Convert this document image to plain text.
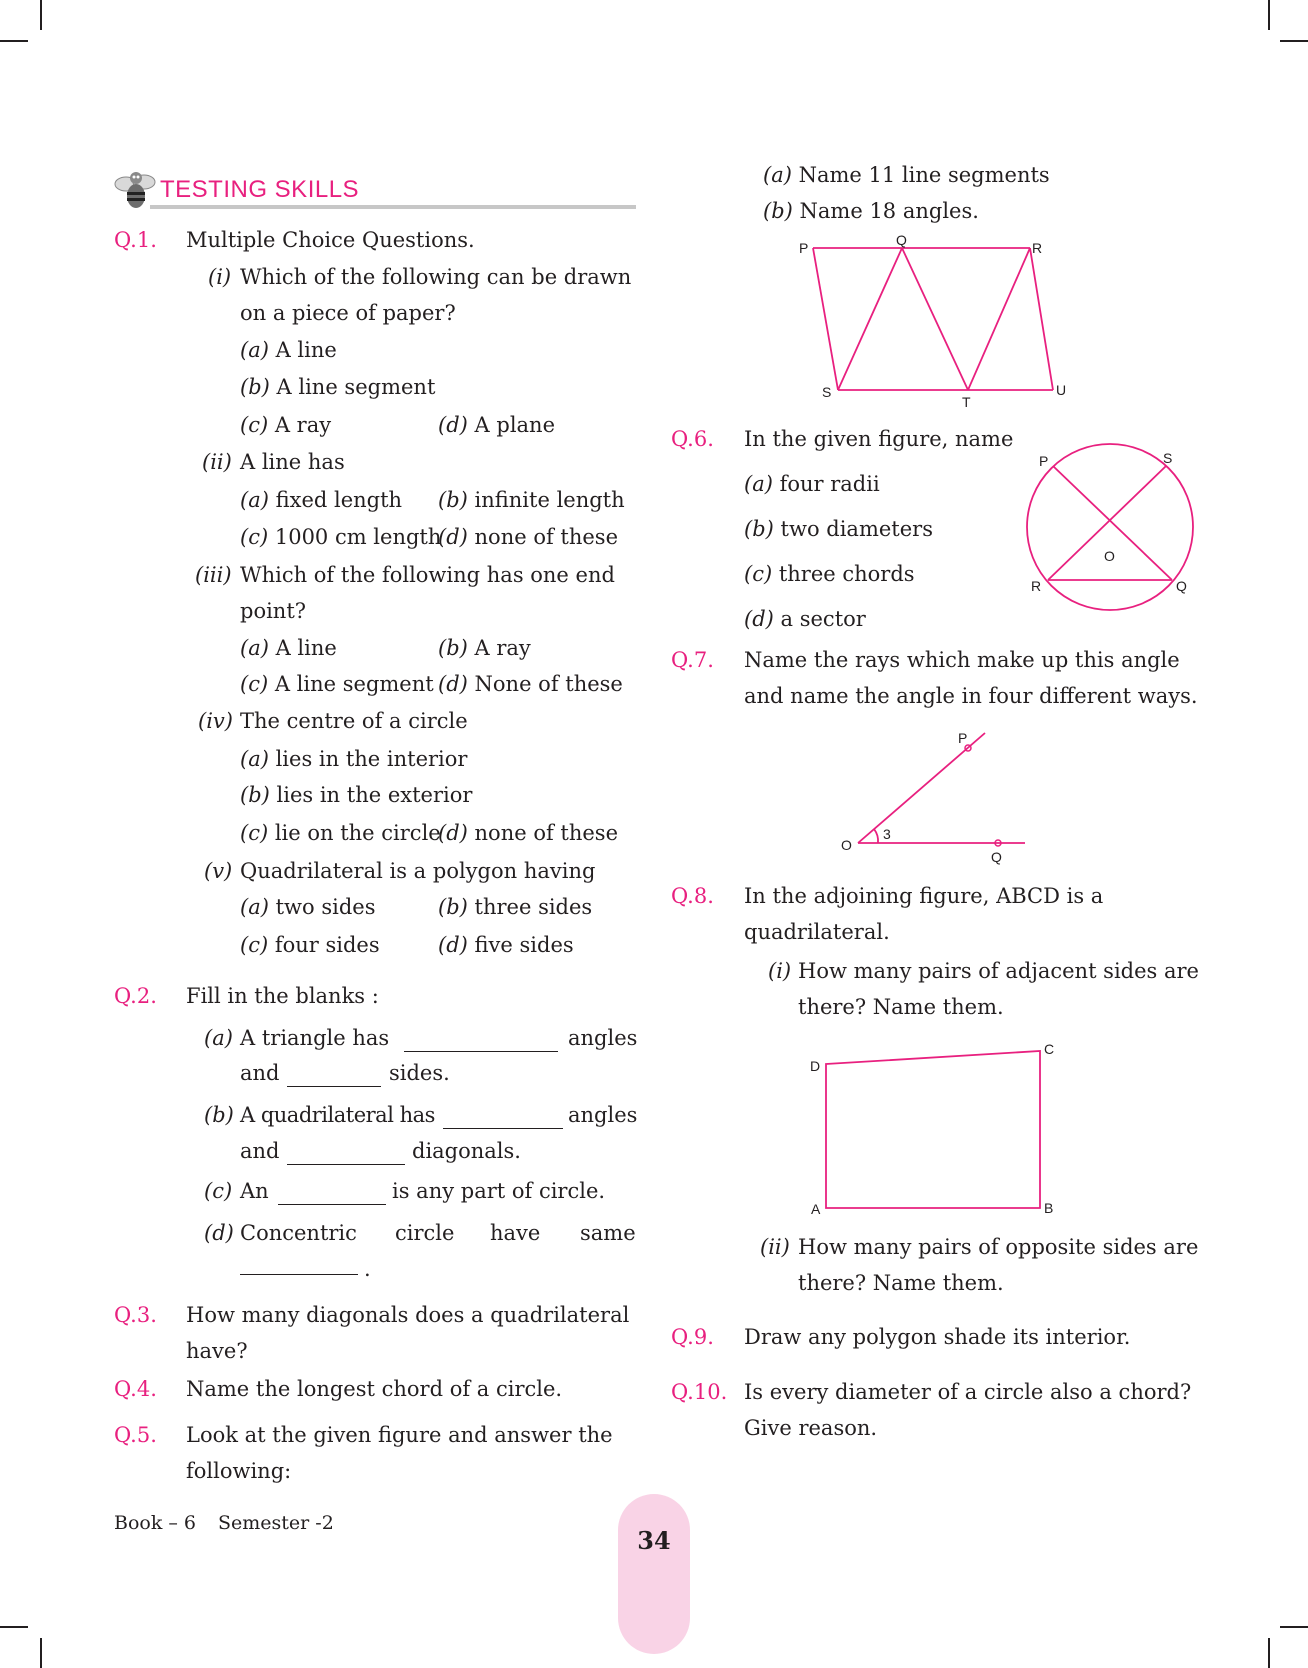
TESTING SKILLS
Q.1. Multiple Choice Questions.
(i) Which of the following can be drawn
on a piece of paper?
(a) A line
(b) A line segment
(c) A ray	(d) A plane
(ii) A line has
(a) fixed length (b) infinite length
(c) 1000 cm length
(d) none of these
(iii) Which of the following has one end
point?
(a) A line	(b) A ray
(c) A line segment (d) None of these
(iv) The centre of a circle
(a) lies in the interior
(b) lies in the exterior
(c) lie on the circle
(d) none of these
(v) Quadrilateral is a polygon having
(a) two sides	(b) three sides
(c) four sides	(d) five sides
Q.2. Fill in the blanks :
(a) A triangle has	angles
and	sides.
(b) A quadrilateral has	angles
and	diagonals.
(c) An	is any part of circle.
(d) Concentric circle have same
.
Q.3. How many diagonals does a quadrilateral
have?
Q.4. Name the longest chord of a circle.
Q.5. Look at the given figure and answer the
following:
(a) Name 11 line segments
(b) Name 18 angles.
P	Q	R
S
T
U
Q.6. In the given figure, name
(a) four radii
(b) two diameters
(c) three chords
(d) a sector
P	S
O
R	Q
Q.7. Name the rays which make up this angle
and name the angle in four different ways.
P
O
3
Q
Q.8. In the adjoining figure, ABCD is a
quadrilateral.
(i) How many pairs of adjacent sides are
there? Name them.
D
C
A	B
(ii) How many pairs of opposite sides are
there? Name them.
Q.9. Draw any polygon shade its interior.
Q.10. Is every diameter of a circle also a chord?
Give reason.
Book – 6 Semester -2
34
